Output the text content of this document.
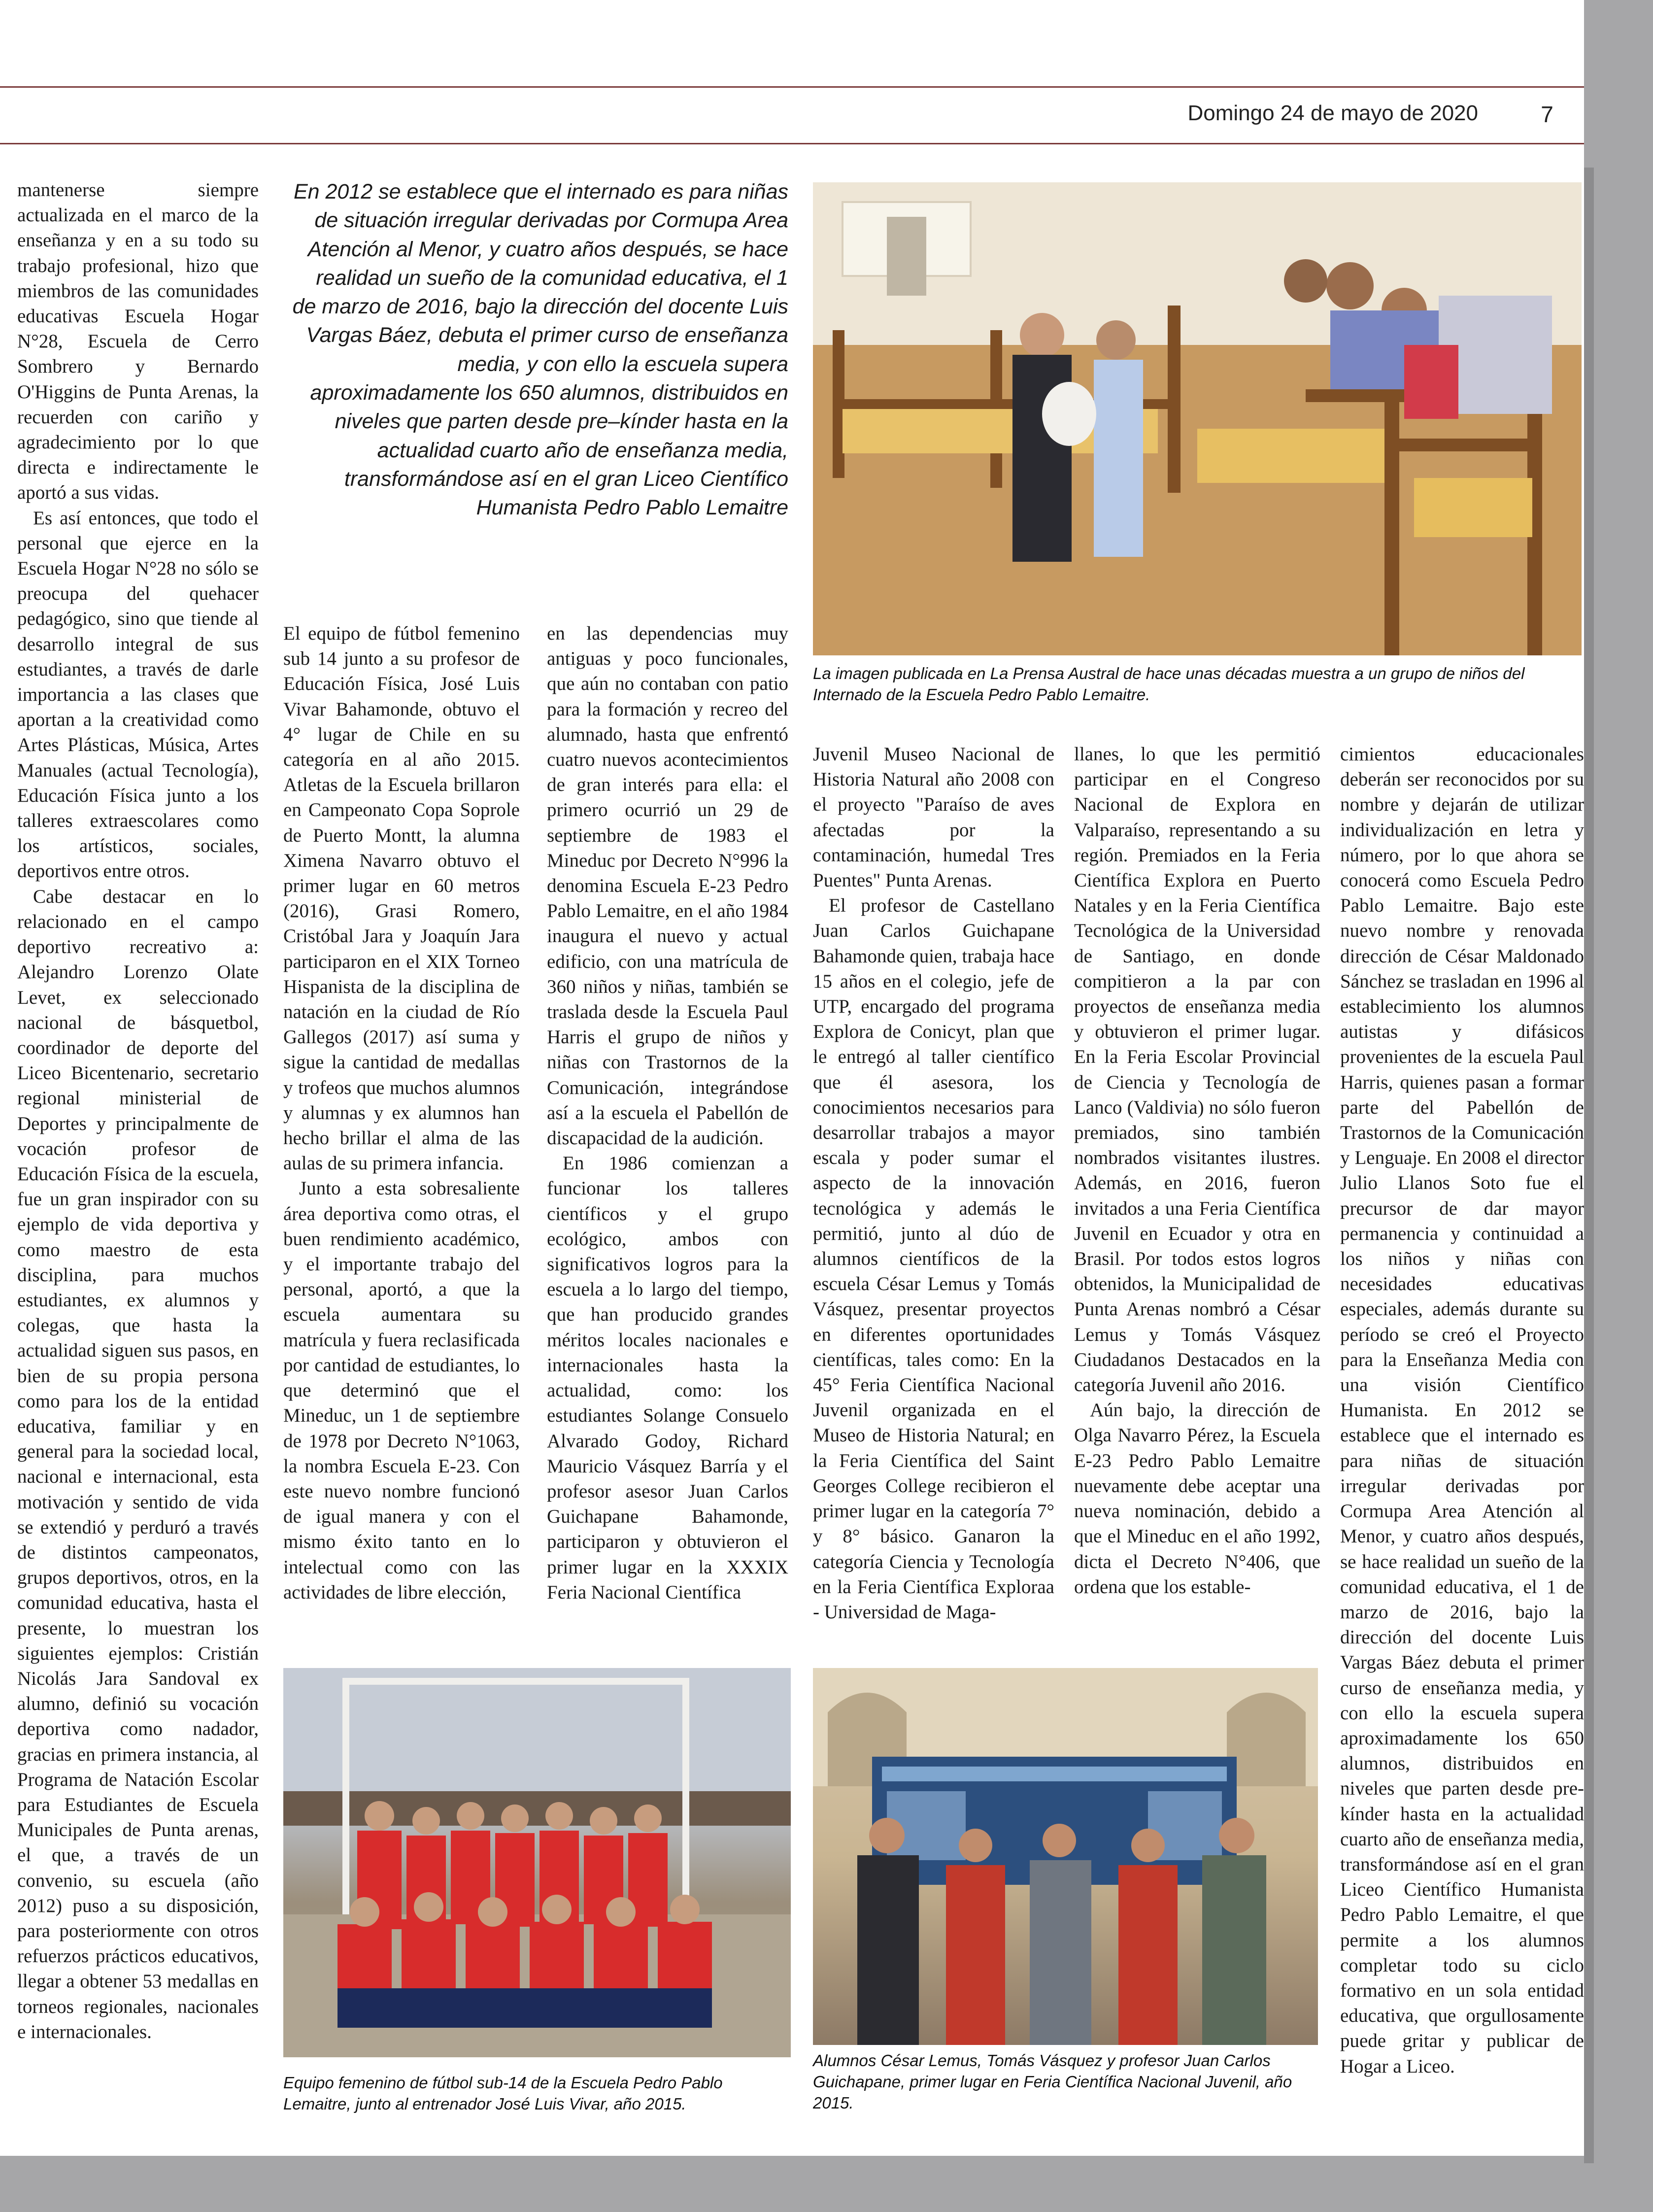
Domingo 24 de mayo de 2020	7

mantenerse siempre actualizada en el marco de la enseñanza y en a su todo su trabajo profesional, hizo que miembros de las comunidades educativas Escuela Hogar N°28, Escuela de Cerro Sombrero y Bernardo O'Higgins de Punta Arenas, la recuerden con cariño y agradecimiento por lo que directa e indirectamente le aportó a sus vidas.

Es así entonces, que todo el personal que ejerce en la Escuela Hogar N°28 no sólo se preocupa del quehacer pedagógico, sino que tiende al desarrollo integral de sus estudiantes, a través de darle importancia a las clases que aportan a la creatividad como Artes Plásticas, Música, Artes Manuales (actual Tecnología), Educación Física junto a los talleres extraescolares como los artísticos, sociales, deportivos entre otros.

Cabe destacar en lo relacionado en el campo deportivo recreativo a: Alejandro Lorenzo Olate Levet, ex seleccionado nacional de básquetbol, coordinador de deporte del Liceo Bicentenario, secretario regional ministerial de Deportes y principalmente de vocación profesor de Educación Física de la escuela, fue un gran inspirador con su ejemplo de vida deportiva y como maestro de esta disciplina, para muchos estudiantes, ex alumnos y colegas, que hasta la actualidad siguen sus pasos, en bien de su propia persona como para los de la entidad educativa, familiar y en general para la sociedad local, nacional e internacional, esta motivación y sentido de vida se extendió y perduró a través de distintos campeonatos, grupos deportivos, otros, en la comunidad educativa, hasta el presente, lo muestran los siguientes ejemplos: Cristián Nicolás Jara Sandoval ex alumno, definió su vocación deportiva como nadador, gracias en primera instancia, al Programa de Natación Escolar para Estudiantes de Escuela Municipales de Punta arenas, el que, a través de un convenio, su escuela (año 2012) puso a su disposición, para posteriormente con otros refuerzos prácticos educativos, llegar a obtener 53 medallas en torneos regionales, nacionales e internacionales.

En 2012 se establece que el internado es para niñas de situación irregular derivadas por Cormupa Area Atención al Menor, y cuatro años después, se hace realidad un sueño de la comunidad educativa, el 1 de marzo de 2016, bajo la dirección del docente Luis Vargas Báez, debuta el primer curso de enseñanza media, y con ello la escuela supera aproximadamente los 650 alumnos, distribuidos en niveles que parten desde pre–kínder hasta en la actualidad cuarto año de enseñanza media, transformándose así en el gran Liceo Científico Humanista Pedro Pablo Lemaitre

El equipo de fútbol femenino sub 14 junto a su profesor de Educación Física, José Luis Vivar Bahamonde, obtuvo el 4° lugar de Chile en su categoría en al año 2015. Atletas de la Escuela brillaron en Campeonato Copa Soprole de Puerto Montt, la alumna Ximena Navarro obtuvo el primer lugar en 60 metros (2016), Grasi Romero, Cristóbal Jara y Joaquín Jara participaron en el XIX Torneo Hispanista de la disciplina de natación en la ciudad de Río Gallegos (2017) así suma y sigue la cantidad de medallas y trofeos que muchos alumnos y alumnas y ex alumnos han hecho brillar el alma de las aulas de su primera infancia.

Junto a esta sobresaliente área deportiva como otras, el buen rendimiento académico, y el importante trabajo del personal, aportó, a que la escuela aumentara su matrícula y fuera reclasificada por cantidad de estudiantes, lo que determinó que el Mineduc, un 1 de septiembre de 1978 por Decreto N°1063, la nombra Escuela E-23. Con este nuevo nombre funcionó de igual manera y con el mismo éxito tanto en lo intelectual como con las actividades de libre elección,

en las dependencias muy antiguas y poco funcionales, que aún no contaban con patio para la formación y recreo del alumnado, hasta que enfrentó cuatro nuevos acontecimientos de gran interés para ella: el primero ocurrió un 29 de septiembre de 1983 el Mineduc por Decreto N°996 la denomina Escuela E-23 Pedro Pablo Lemaitre, en el año 1984 inaugura el nuevo y actual edificio, con una matrícula de 360 niños y niñas, también se traslada desde la Escuela Paul Harris el grupo de niños y niñas con Trastornos de la Comunicación, integrándose así a la escuela el Pabellón de discapacidad de la audición.

En 1986 comienzan a funcionar los talleres científicos y el grupo ecológico, ambos con significativos logros para la escuela a lo largo del tiempo, que han producido grandes méritos locales nacionales e internacionales hasta la actualidad, como: los estudiantes Solange Consuelo Alvarado Godoy, Richard Mauricio Vásquez Barría y el profesor asesor Juan Carlos Guichapane Bahamonde, participaron y obtuvieron el primer lugar en la XXXIX Feria Nacional Científica

La imagen publicada en La Prensa Austral de hace unas décadas muestra a un grupo de niños del Internado de la Escuela Pedro Pablo Lemaitre.

Juvenil Museo Nacional de Historia Natural año 2008 con el proyecto "Paraíso de aves afectadas por la contaminación, humedal Tres Puentes" Punta Arenas.

El profesor de Castellano Juan Carlos Guichapane Bahamonde quien, trabaja hace 15 años en el colegio, jefe de UTP, encargado del programa Explora de Conicyt, plan que le entregó al taller científico que él asesora, los conocimientos necesarios para desarrollar trabajos a mayor escala y poder sumar el aspecto de la innovación tecnológica y además le permitió, junto al dúo de alumnos científicos de la escuela César Lemus y Tomás Vásquez, presentar proyectos en diferentes oportunidades científicas, tales como: En la 45° Feria Científica Nacional Juvenil organizada en el Museo de Historia Natural; en la Feria Científica del Saint Georges College recibieron el primer lugar en la categoría 7° y 8° básico. Ganaron la categoría Ciencia y Tecnología en la Feria Científica Exploraa - Universidad de Maga-

llanes, lo que les permitió participar en el Congreso Nacional de Explora en Valparaíso, representando a su región. Premiados en la Feria Científica Explora en Puerto Natales y en la Feria Científica Tecnológica de la Universidad de Santiago, en donde compitieron a la par con proyectos de enseñanza media y obtuvieron el primer lugar. En la Feria Escolar Provincial de Ciencia y Tecnología de Lanco (Valdivia) no sólo fueron premiados, sino también nombrados visitantes ilustres. Además, en 2016, fueron invitados a una Feria Científica Juvenil en Ecuador y otra en Brasil. Por todos estos logros obtenidos, la Municipalidad de Punta Arenas nombró a César Lemus y Tomás Vásquez Ciudadanos Destacados en la categoría Juvenil año 2016.

Aún bajo, la dirección de Olga Navarro Pérez, la Escuela E-23 Pedro Pablo Lemaitre nuevamente debe aceptar una nueva nominación, debido a que el Mineduc en el año 1992, dicta el Decreto N°406, que ordena que los estable-

cimientos educacionales deberán ser reconocidos por su nombre y dejarán de utilizar individualización en letra y número, por lo que ahora se conocerá como Escuela Pedro Pablo Lemaitre. Bajo este nuevo nombre y renovada dirección de César Maldonado Sánchez se trasladan en 1996 al establecimiento los alumnos autistas y difásicos provenientes de la escuela Paul Harris, quienes pasan a formar parte del Pabellón de Trastornos de la Comunicación y Lenguaje. En 2008 el director Julio Llanos Soto fue el precursor de dar mayor permanencia y continuidad a los niños y niñas con necesidades educativas especiales, además durante su período se creó el Proyecto para la Enseñanza Media con una visión Científico Humanista. En 2012 se establece que el internado es para niñas de situación irregular derivadas por Cormupa Area Atención al Menor, y cuatro años después, se hace realidad un sueño de la comunidad educativa, el 1 de marzo de 2016, bajo la dirección del docente Luis Vargas Báez debuta el primer curso de enseñanza media, y con ello la escuela supera aproximadamente los 650 alumnos, distribuidos en niveles que parten desde pre-kínder hasta en la actualidad cuarto año de enseñanza media, transformándose así en el gran Liceo Científico Humanista Pedro Pablo Lemaitre, el que permite a los alumnos completar todo su ciclo formativo en un sola entidad educativa, que orgullosamente puede gritar y publicar de Hogar a Liceo.

Equipo femenino de fútbol sub-14 de la Escuela Pedro Pablo Lemaitre, junto al entrenador José Luis Vivar, año 2015.
Alumnos César Lemus, Tomás Vásquez y profesor Juan Carlos Guichapane, primer lugar en Feria Científica Nacional Juvenil, año 2015.
